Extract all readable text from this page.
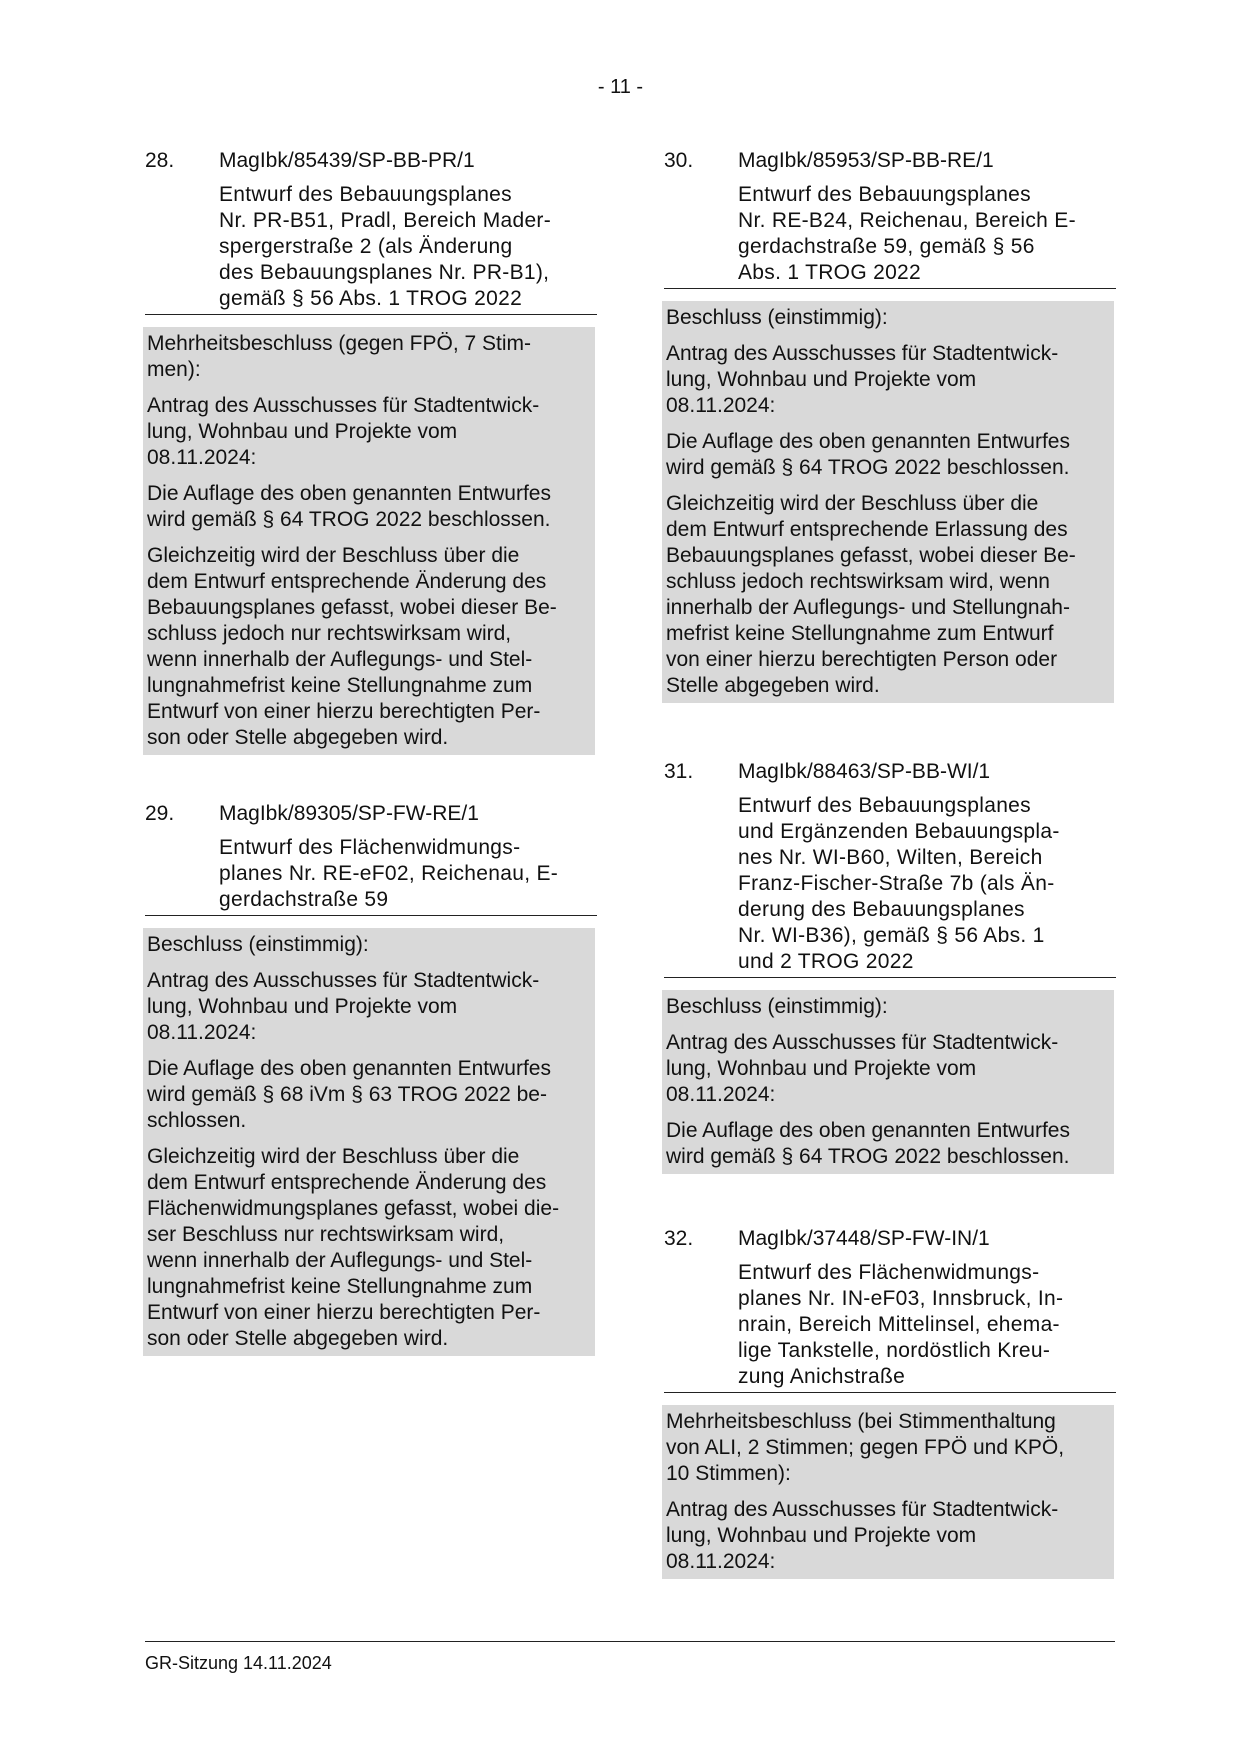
- 11 -
28.	MagIbk/85439/SP-BB-PR/1
Entwurf des Bebauungsplanes
Nr. PR-B51, Pradl, Bereich Mader-
spergerstraße 2 (als Änderung
des Bebauungsplanes Nr. PR-B1),
gemäß § 56 Abs. 1 TROG 2022

Mehrheitsbeschluss (gegen FPÖ, 7 Stim-
men):

Antrag des Ausschusses für Stadtentwick-
lung, Wohnbau und Projekte vom
08.11.2024:

Die Auflage des oben genannten Entwurfes
wird gemäß § 64 TROG 2022 beschlossen.

Gleichzeitig wird der Beschluss über die
dem Entwurf entsprechende Änderung des
Bebauungsplanes gefasst, wobei dieser Be-
schluss jedoch nur rechtswirksam wird,
wenn innerhalb der Auflegungs- und Stel-
lungnahmefrist keine Stellungnahme zum
Entwurf von einer hierzu berechtigten Per-
son oder Stelle abgegeben wird.

29.	MagIbk/89305/SP-FW-RE/1
Entwurf des Flächenwidmungs-
planes Nr. RE-eF02, Reichenau, E-
gerdachstraße 59

Beschluss (einstimmig):

Antrag des Ausschusses für Stadtentwick-
lung, Wohnbau und Projekte vom
08.11.2024:

Die Auflage des oben genannten Entwurfes
wird gemäß § 68 iVm § 63 TROG 2022 be-
schlossen.

Gleichzeitig wird der Beschluss über die
dem Entwurf entsprechende Änderung des
Flächenwidmungsplanes gefasst, wobei die-
ser Beschluss nur rechtswirksam wird,
wenn innerhalb der Auflegungs- und Stel-
lungnahmefrist keine Stellungnahme zum
Entwurf von einer hierzu berechtigten Per-
son oder Stelle abgegeben wird.

30.	MagIbk/85953/SP-BB-RE/1
Entwurf des Bebauungsplanes
Nr. RE-B24, Reichenau, Bereich E-
gerdachstraße 59, gemäß § 56
Abs. 1 TROG 2022

Beschluss (einstimmig):

Antrag des Ausschusses für Stadtentwick-
lung, Wohnbau und Projekte vom
08.11.2024:

Die Auflage des oben genannten Entwurfes
wird gemäß § 64 TROG 2022 beschlossen.

Gleichzeitig wird der Beschluss über die
dem Entwurf entsprechende Erlassung des
Bebauungsplanes gefasst, wobei dieser Be-
schluss jedoch rechtswirksam wird, wenn
innerhalb der Auflegungs- und Stellungnah-
mefrist keine Stellungnahme zum Entwurf
von einer hierzu berechtigten Person oder
Stelle abgegeben wird.

31.	MagIbk/88463/SP-BB-WI/1
Entwurf des Bebauungsplanes
und Ergänzenden Bebauungspla-
nes Nr. WI-B60, Wilten, Bereich
Franz-Fischer-Straße 7b (als Än-
derung des Bebauungsplanes
Nr. WI-B36), gemäß § 56 Abs. 1
und 2 TROG 2022

Beschluss (einstimmig):

Antrag des Ausschusses für Stadtentwick-
lung, Wohnbau und Projekte vom
08.11.2024:

Die Auflage des oben genannten Entwurfes
wird gemäß § 64 TROG 2022 beschlossen.

32.	MagIbk/37448/SP-FW-IN/1
Entwurf des Flächenwidmungs-
planes Nr. IN-eF03, Innsbruck, In-
nrain, Bereich Mittelinsel, ehema-
lige Tankstelle, nordöstlich Kreu-
zung Anichstraße

Mehrheitsbeschluss (bei Stimmenthaltung
von ALI, 2 Stimmen; gegen FPÖ und KPÖ,
10 Stimmen):

Antrag des Ausschusses für Stadtentwick-
lung, Wohnbau und Projekte vom
08.11.2024:

GR-Sitzung 14.11.2024
